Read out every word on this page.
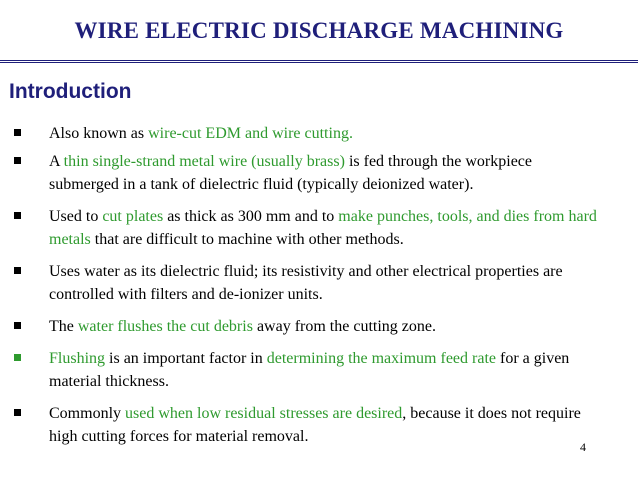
WIRE ELECTRIC DISCHARGE MACHINING
Introduction
Also known as wire-cut EDM and wire cutting.
A thin single-strand metal wire (usually brass) is fed through the workpiece submerged in a tank of dielectric fluid (typically deionized water).
Used to cut plates as thick as 300 mm and to make punches, tools, and dies from hard metals that are difficult to machine with other methods.
Uses water as its dielectric fluid; its resistivity and other electrical properties are controlled with filters and de-ionizer units.
The water flushes the cut debris away from the cutting zone.
Flushing is an important factor in determining the maximum feed rate for a given material thickness.
Commonly used when low residual stresses are desired, because it does not require high cutting forces for material removal.
4
